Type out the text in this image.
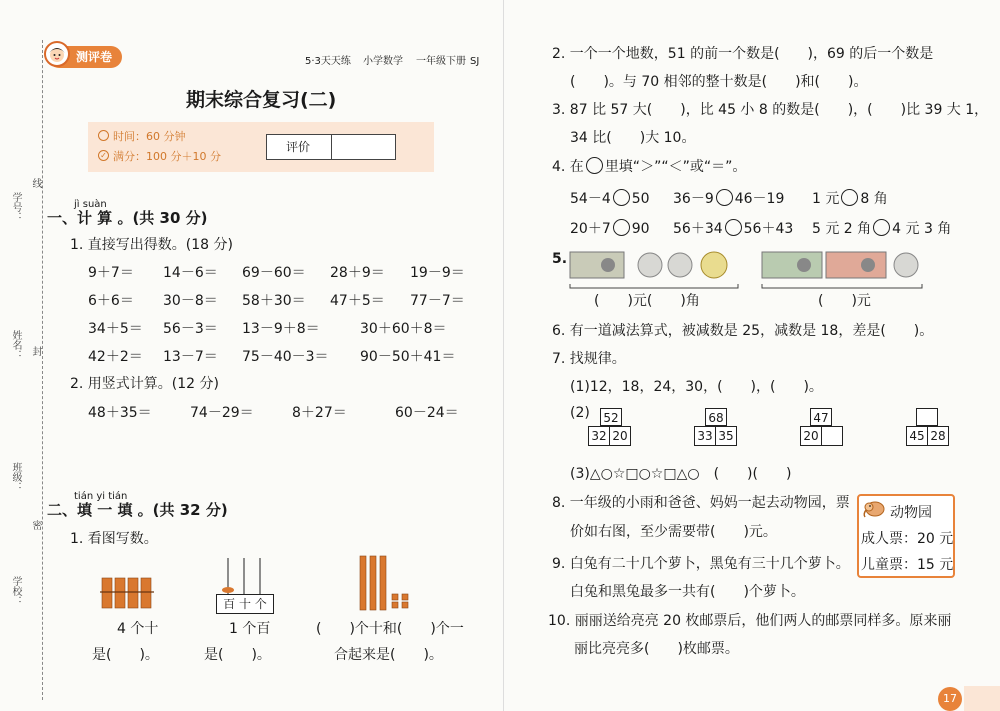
学号：
线
姓名： 封
班级：
密
学校：
测评卷	5·3天天练 小学数学 一年级下册 SJ
期末综合复习(二)
时间：60 分钟
✓ 满分：100 分＋10 分
评价
jì suàn
一、计 算 。(共 30 分)
1. 直接写出得数。(18 分)
9＋7＝ 14－6＝ 69－60＝ 28＋9＝ 19－9＝
6＋6＝ 30－8＝ 58＋30＝ 47＋5＝ 77－7＝
34＋5＝ 56－3＝ 13－9＋8＝	30＋60＋8＝
42＋2＝ 13－7＝ 75－40－3＝ 90－50＋41＝
2. 用竖式计算。(12 分)
48＋35＝	74－29＝	8＋27＝	60－24＝
tián yi tián
二、填 一 填 。(共 32 分)
1. 看图写数。
4 个十
是(　　)。
百 十 个
1 个百
是(　　)。
(　　)个十和(　　)个一
合起来是(　　)。
2. 一个一个地数，51 的前一个数是(　　)，69 的后一个数是
(　　)。与 70 相邻的整十数是(　　)和(　　)。
3. 87 比 57 大(　　)，比 45 小 8 的数是(　　)，(　　)比 39 大 1，
34 比(　　)大 10。
4. 在 里填“＞”“＜”或“＝”。
54－4 50 36－9 46－19 1 元 8 角
20＋7 90 56＋34 56＋43 5 元 2 角 4 元 3 角
5.
(　　)元(　　)角	(　　)元
6. 有一道减法算式，被减数是 25，减数是 18，差是(　　)。
7. 找规律。
(1)12，18，24，30，(　　)，(　　)。
(2) 52
32 20
68
33 35
47
20	45 28
(3)△○☆□○☆□△○　(　　)(　　)
8. 一年级的小雨和爸爸、妈妈一起去动物园，票
价如右图，至少需要带(　　)元。
动物园
成人票：20 元
儿童票：15 元
9. 白兔有二十几个萝卜，黑兔有三十几个萝卜。
白兔和黑兔最多一共有(　　)个萝卜。
10. 丽丽送给亮亮 20 枚邮票后，他们两人的邮票同样多。原来丽
丽比亮亮多(　　)枚邮票。
17
